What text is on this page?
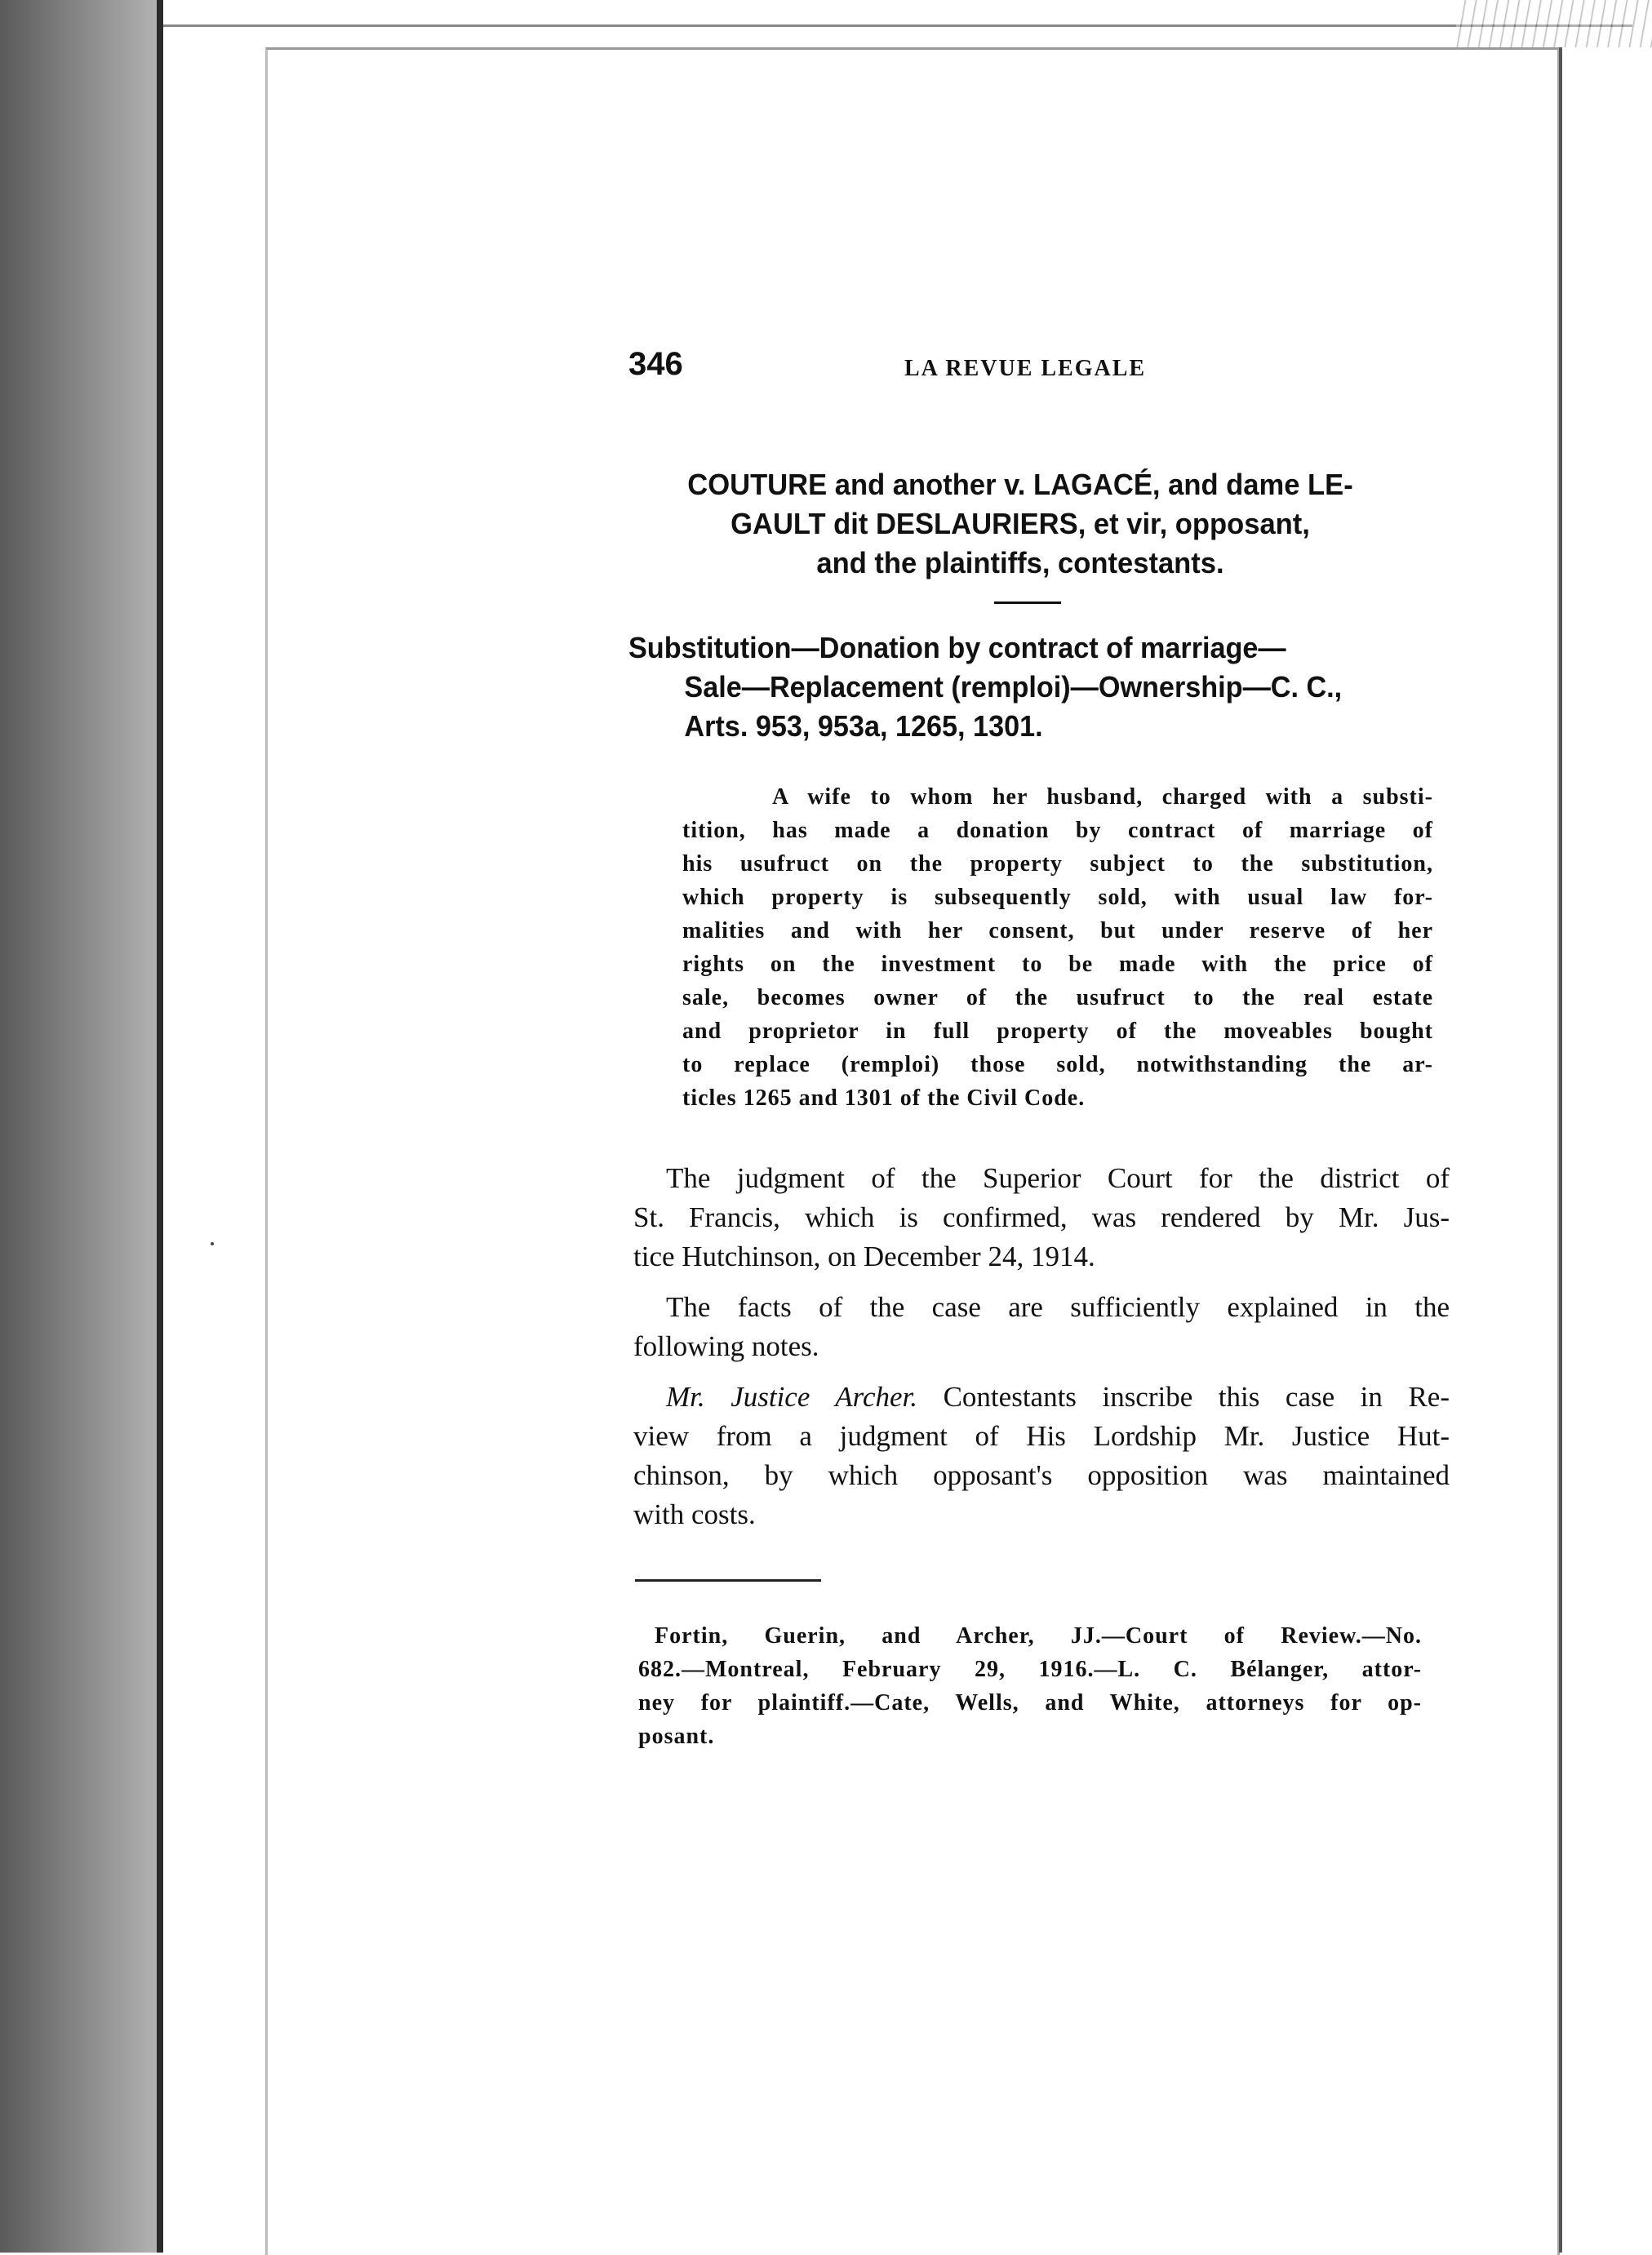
346	LA REVUE LEGALE
COUTURE and another v. LAGACÉ, and dame LE-
GAULT dit DESLAURIERS, et vir, opposant,
and the plaintiffs, contestants.
Substitution—Donation by contract of marriage—
Sale—Replacement (remploi)—Ownership—C. C.,
Arts. 953, 953a, 1265, 1301.
A wife to whom her husband, charged with a substi-
tition, has made a donation by contract of marriage of
his usufruct on the property subject to the substitution,
which property is subsequently sold, with usual law for-
malities and with her consent, but under reserve of her
rights on the investment to be made with the price of
sale, becomes owner of the usufruct to the real estate
and proprietor in full property of the moveables bought
to replace (remploi) those sold, notwithstanding the ar-
ticles 1265 and 1301 of the Civil Code.
The judgment of the Superior Court for the district of
St. Francis, which is confirmed, was rendered by Mr. Jus-
tice Hutchinson, on December 24, 1914.
The facts of the case are sufficiently explained in the
following notes.
Mr. Justice Archer. Contestants inscribe this case in Re-
view from a judgment of His Lordship Mr. Justice Hut-
chinson, by which opposant's opposition was maintained
with costs.
Fortin, Guerin, and Archer, JJ.—Court of Review.—No.
682.—Montreal, February 29, 1916.—L. C. Bélanger, attor-
ney for plaintiff.—Cate, Wells, and White, attorneys for op-
posant.
